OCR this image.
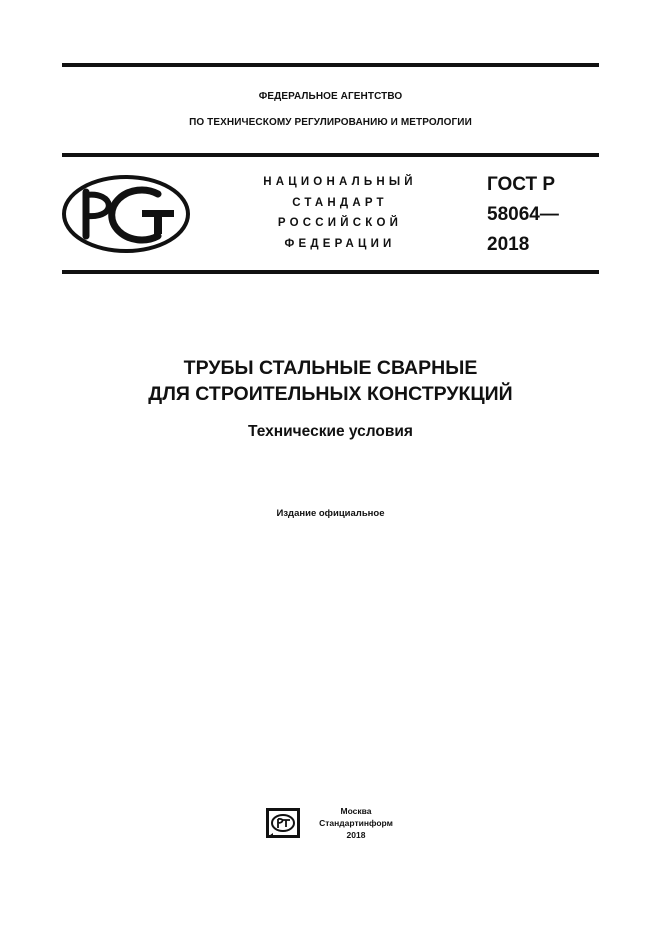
ФЕДЕРАЛЬНОЕ АГЕНТСТВО
ПО ТЕХНИЧЕСКОМУ РЕГУЛИРОВАНИЮ И МЕТРОЛОГИИ
НАЦИОНАЛЬНЫЙ
СТАНДАРТ
РОССИЙСКОЙ
ФЕДЕРАЦИИ
ГОСТ Р
58064—
2018
ТРУБЫ СТАЛЬНЫЕ СВАРНЫЕ
ДЛЯ СТРОИТЕЛЬНЫХ КОНСТРУКЦИЙ
Технические условия
Издание официальное
Москва
Стандартинформ
2018
